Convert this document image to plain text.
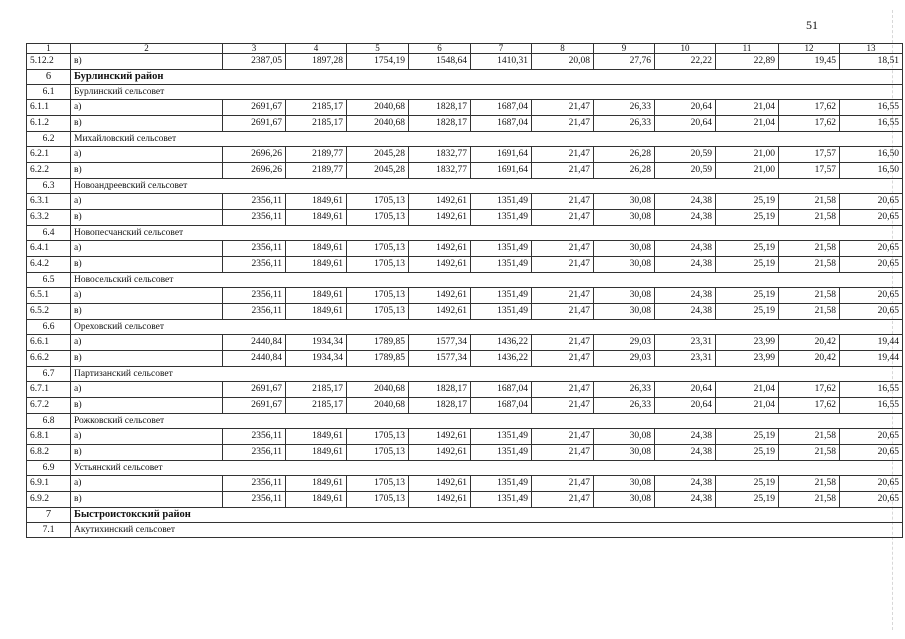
51
1	2	3	4	5	6	7	8	9	10	11	12	13
5.12.2	в)	2387,05	1897,28	1754,19	1548,64	1410,31	20,08	27,76	22,22	22,89	19,45	18,51
6	Бурлинский район											
6.1	Бурлинский сельсовет											
6.1.1	а)	2691,67	2185,17	2040,68	1828,17	1687,04	21,47	26,33	20,64	21,04	17,62	16,55
6.1.2	в)	2691,67	2185,17	2040,68	1828,17	1687,04	21,47	26,33	20,64	21,04	17,62	16,55
6.2	Михайловский сельсовет											
6.2.1	а)	2696,26	2189,77	2045,28	1832,77	1691,64	21,47	26,28	20,59	21,00	17,57	16,50
6.2.2	в)	2696,26	2189,77	2045,28	1832,77	1691,64	21,47	26,28	20,59	21,00	17,57	16,50
6.3	Новоандреевский сельсовет											
6.3.1	а)	2356,11	1849,61	1705,13	1492,61	1351,49	21,47	30,08	24,38	25,19	21,58	20,65
6.3.2	в)	2356,11	1849,61	1705,13	1492,61	1351,49	21,47	30,08	24,38	25,19	21,58	20,65
6.4	Новопесчанский сельсовет											
6.4.1	а)	2356,11	1849,61	1705,13	1492,61	1351,49	21,47	30,08	24,38	25,19	21,58	20,65
6.4.2	в)	2356,11	1849,61	1705,13	1492,61	1351,49	21,47	30,08	24,38	25,19	21,58	20,65
6.5	Новосельский сельсовет											
6.5.1	а)	2356,11	1849,61	1705,13	1492,61	1351,49	21,47	30,08	24,38	25,19	21,58	20,65
6.5.2	в)	2356,11	1849,61	1705,13	1492,61	1351,49	21,47	30,08	24,38	25,19	21,58	20,65
6.6	Ореховский сельсовет											
6.6.1	а)	2440,84	1934,34	1789,85	1577,34	1436,22	21,47	29,03	23,31	23,99	20,42	19,44
6.6.2	в)	2440,84	1934,34	1789,85	1577,34	1436,22	21,47	29,03	23,31	23,99	20,42	19,44
6.7	Партизанский сельсовет											
6.7.1	а)	2691,67	2185,17	2040,68	1828,17	1687,04	21,47	26,33	20,64	21,04	17,62	16,55
6.7.2	в)	2691,67	2185,17	2040,68	1828,17	1687,04	21,47	26,33	20,64	21,04	17,62	16,55
6.8	Рожковский сельсовет											
6.8.1	а)	2356,11	1849,61	1705,13	1492,61	1351,49	21,47	30,08	24,38	25,19	21,58	20,65
6.8.2	в)	2356,11	1849,61	1705,13	1492,61	1351,49	21,47	30,08	24,38	25,19	21,58	20,65
6.9	Устьянский сельсовет											
6.9.1	а)	2356,11	1849,61	1705,13	1492,61	1351,49	21,47	30,08	24,38	25,19	21,58	20,65
6.9.2	в)	2356,11	1849,61	1705,13	1492,61	1351,49	21,47	30,08	24,38	25,19	21,58	20,65
7	Быстроистокский район											
7.1	Акутихинский сельсовет											
